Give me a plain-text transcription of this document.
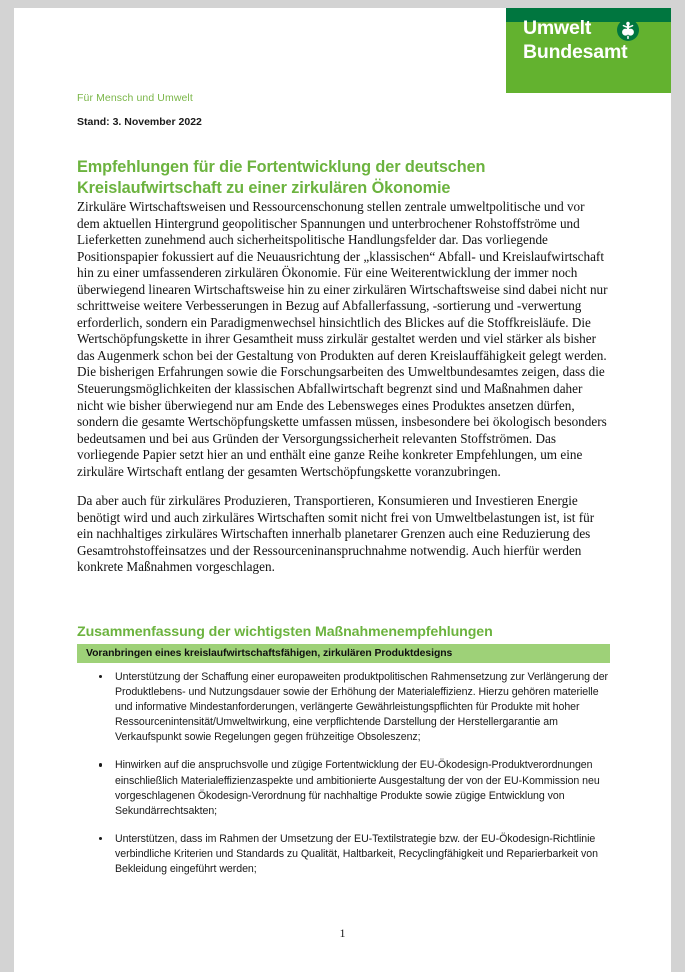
Umwelt
Bundesamt
Für Mensch und Umwelt
Stand: 3. November 2022
Empfehlungen für die Fortentwicklung der deutschen
Kreislaufwirtschaft zu einer zirkulären Ökonomie

Zirkuläre Wirtschaftsweisen und Ressourcenschonung stellen zentrale umweltpolitische und vor dem aktuellen Hintergrund geopolitischer Spannungen und unterbrochener Rohstoffströme und Lieferketten zunehmend auch sicherheitspolitische Handlungsfelder dar. Das vorliegende Positionspapier fokussiert auf die Neuausrichtung der „klassischen“ Abfall- und Kreislaufwirtschaft hin zu einer umfassenderen zirkulären Ökonomie. Für eine Weiterentwicklung der immer noch überwiegend linearen Wirtschaftsweise hin zu einer zirkulären Wirtschaftsweise sind dabei nicht nur schrittweise weitere Verbesserungen in Bezug auf Abfallerfassung, -sortierung und -verwertung erforderlich, sondern ein Paradigmenwechsel hinsichtlich des Blickes auf die Stoffkreisläufe. Die Wertschöpfungskette in ihrer Gesamtheit muss zirkulär gestaltet werden und viel stärker als bisher das Augenmerk schon bei der Gestaltung von Produkten auf deren Kreislauffähigkeit gelegt werden. Die bisherigen Erfahrungen sowie die Forschungsarbeiten des Umweltbundesamtes zeigen, dass die Steuerungsmöglichkeiten der klassischen Abfallwirtschaft begrenzt sind und Maßnahmen daher nicht wie bisher überwiegend nur am Ende des Lebensweges eines Produktes ansetzen dürfen, sondern die gesamte Wertschöpfungskette umfassen müssen, insbesondere bei ökologisch besonders bedeutsamen und bei aus Gründen der Versorgungssicherheit relevanten Stoffströmen. Das vorliegende Papier setzt hier an und enthält eine ganze Reihe konkreter Empfehlungen, um eine zirkuläre Wirtschaft entlang der gesamten Wertschöpfungskette voranzubringen.

Da aber auch für zirkuläres Produzieren, Transportieren, Konsumieren und Investieren Energie benötigt wird und auch zirkuläres Wirtschaften somit nicht frei von Umweltbelastungen ist, ist für ein nachhaltiges zirkuläres Wirtschaften innerhalb planetarer Grenzen auch eine Reduzierung des Gesamtrohstoffeinsatzes und der Ressourceninanspruchnahme notwendig. Auch hierfür werden konkrete Maßnahmen vorgeschlagen.

Zusammenfassung der wichtigsten Maßnahmenempfehlungen
Voranbringen eines kreislaufwirtschaftsfähigen, zirkulären Produktdesigns
Unterstützung der Schaffung einer europaweiten produktpolitischen Rahmensetzung zur Verlängerung der Produktlebens- und Nutzungsdauer sowie der Erhöhung der Materialeffizienz. Hierzu gehören materielle und informative Mindestanforderungen, verlängerte Gewährleistungspflichten für Produkte mit hoher Ressourcenintensität/Umweltwirkung, eine verpflichtende Darstellung der Herstellergarantie am Verkaufspunkt sowie Regelungen gegen frühzeitige Obsoleszenz;
Hinwirken auf die anspruchsvolle und zügige Fortentwicklung der EU-Ökodesign-Produktverordnungen einschließlich Materialeffizienzaspekte und ambitionierte Ausgestaltung der von der EU-Kommission neu vorgeschlagenen Ökodesign-Verordnung für nachhaltige Produkte sowie zügige Entwicklung von Sekundärrechtsakten;
Unterstützen, dass im Rahmen der Umsetzung der EU-Textilstrategie bzw. der EU-Ökodesign-Richtlinie verbindliche Kriterien und Standards zu Qualität, Haltbarkeit, Recyclingfähigkeit und Reparierbarkeit von Bekleidung eingeführt werden;
1
